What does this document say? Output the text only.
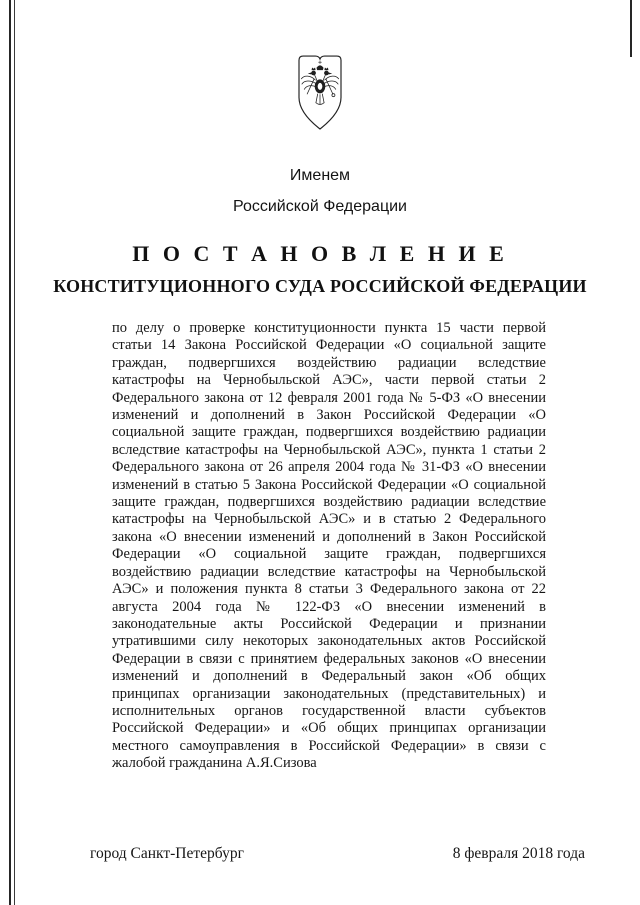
Именем
Российской Федерации
П О С Т А Н О В Л Е Н И Е
КОНСТИТУЦИОННОГО СУДА РОССИЙСКОЙ ФЕДЕРАЦИИ

по делу о проверке конституционности пункта 15 части первой статьи 14 Закона Российской Федерации «О социальной защите граждан, подвергшихся воздействию радиации вследствие катастрофы на Чернобыльской АЭС», части первой статьи 2 Федерального закона от 12 февраля 2001 года № 5-ФЗ «О внесении изменений и дополнений в Закон Российской Федерации «О социальной защите граждан, подвергшихся воздействию радиации вследствие катастрофы на Чернобыльской АЭС», пункта 1 статьи 2 Федерального закона от 26 апреля 2004 года № 31-ФЗ «О внесении изменений в статью 5 Закона Российской Федерации «О социальной защите граждан, подвергшихся воздействию радиации вследствие катастрофы на Чернобыльской АЭС» и в статью 2 Федерального закона «О внесении изменений и дополнений в Закон Российской Федерации «О социальной защите граждан, подвергшихся воздействию радиации вследствие катастрофы на Чернобыльской АЭС» и положения пункта 8 статьи 3 Федерального закона от 22 августа 2004 года № 122-ФЗ «О внесении изменений в законодательные акты Российской Федерации и признании утратившими силу некоторых законодательных актов Российской Федерации в связи с принятием федеральных законов «О внесении изменений и дополнений в Федеральный закон «Об общих принципах организации законодательных (представительных) и исполнительных органов государственной власти субъектов Российской Федерации» и «Об общих принципах организации местного самоуправления в Российской Федерации» в связи с жалобой гражданина А.Я.Сизова

город Санкт-Петербург	8 февраля 2018 года
